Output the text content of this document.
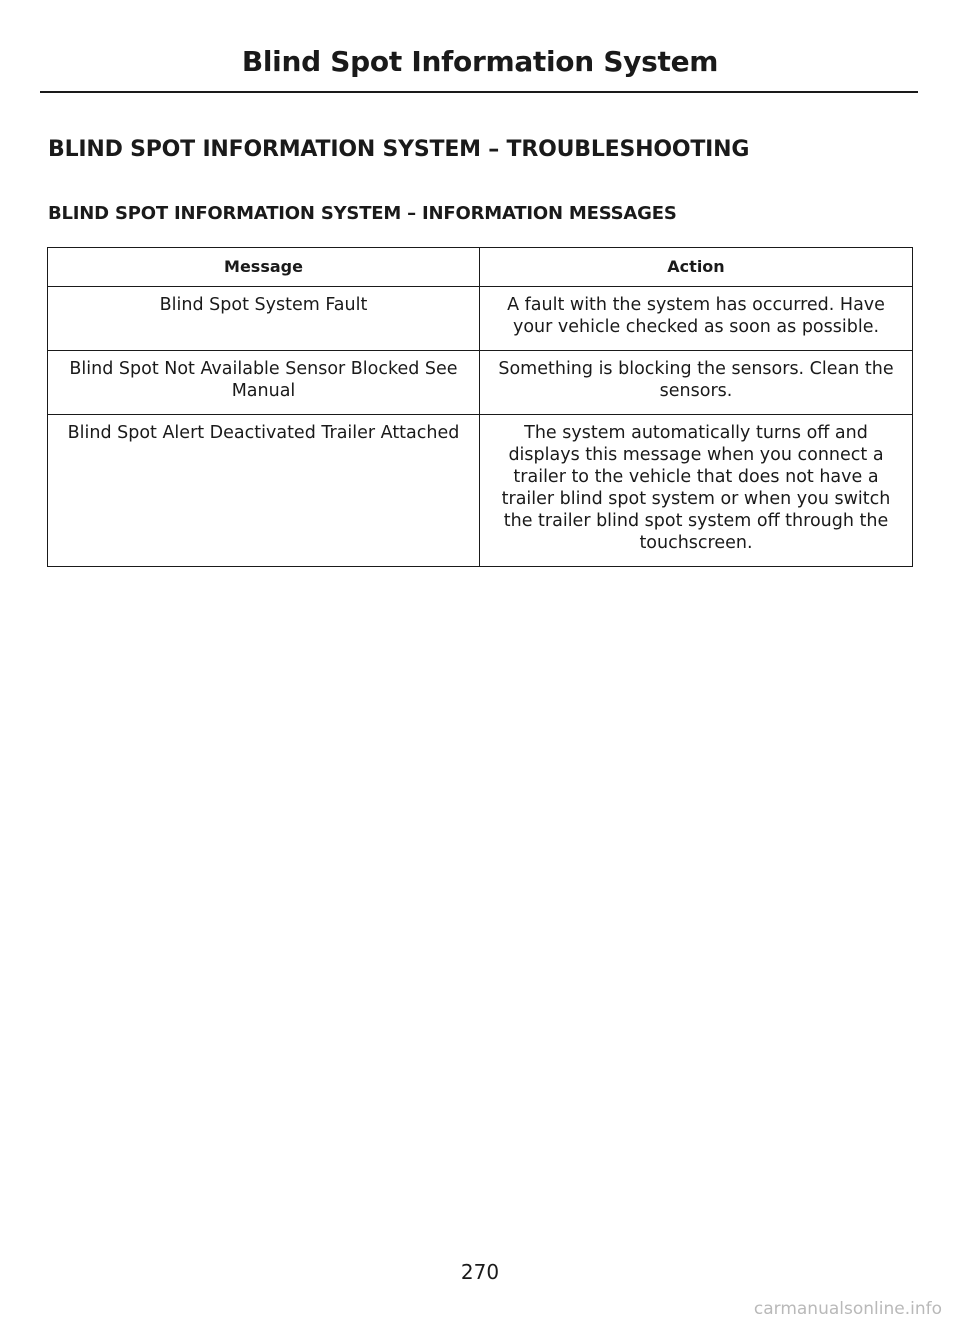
Blind Spot Information System
BLIND SPOT INFORMATION SYSTEM – TROUBLESHOOTING
BLIND SPOT INFORMATION SYSTEM – INFORMATION MESSAGES
Message	Action
Blind Spot System Fault	A fault with the system has occurred. Have your vehicle checked as soon as possible.
Blind Spot Not Available Sensor Blocked See Manual	Something is blocking the sensors. Clean the sensors.
Blind Spot Alert Deactivated Trailer Attached	The system automatically turns off and displays this message when you connect a trailer to the vehicle that does not have a trailer blind spot system or when you switch the trailer blind spot system off through the touchscreen.
270
carmanualsonline.info
